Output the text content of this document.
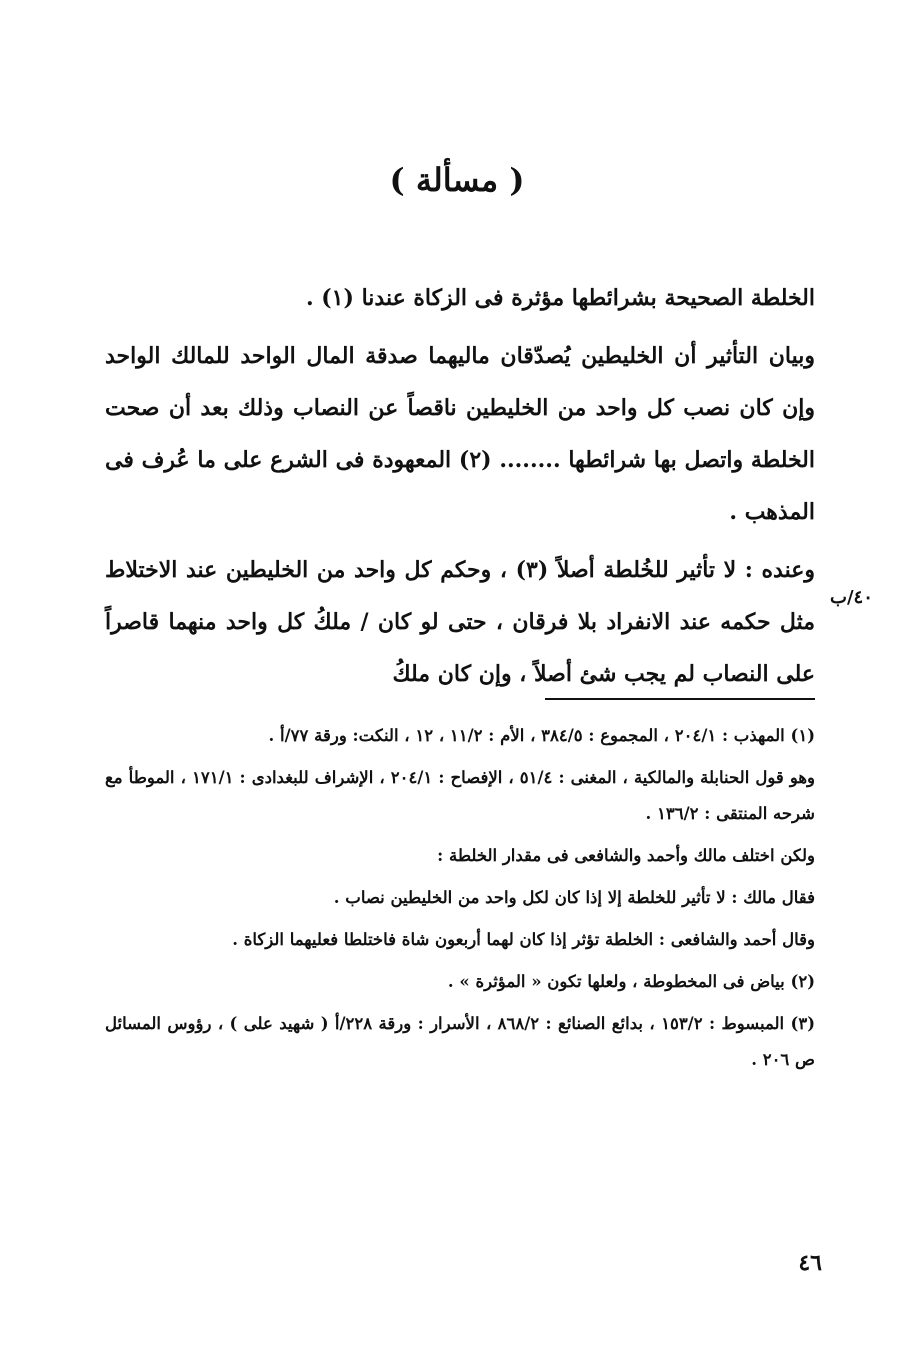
( مسألة )

الخلطة الصحيحة بشرائطها مؤثرة فى الزكاة عندنا (١) .

وبيان التأثير أن الخليطين يُصدّقان ماليهما صدقة المال الواحد للمالك الواحد وإن كان نصب كل واحد من الخليطين ناقصاً عن النصاب وذلك بعد أن صحت الخلطة واتصل بها شرائطها ........ (٢) المعهودة فى الشرع على ما عُرف فى المذهب .

وعنده : لا تأثير للخُلطة أصلاً (٣) ، وحكم كل واحد من الخليطين عند الاختلاط مثل حكمه عند الانفراد بلا فرقان ، حتى لو كان / ملكُ كل واحد منهما قاصراً على النصاب لم يجب شئ أصلاً ، وإن كان ملكُ

٤٠/ب

(١) المهذب : ٢٠٤/١ ، المجموع : ٣٨٤/٥ ، الأم : ١١/٢ ، ١٢ ، النكت: ورقة ٧٧/أ .

وهو قول الحنابلة والمالكية ، المغنى : ٥١/٤ ، الإفصاح : ٢٠٤/١ ، الإشراف للبغدادى : ١٧١/١ ، الموطأ مع شرحه المنتقى : ١٣٦/٢ .

ولكن اختلف مالك وأحمد والشافعى فى مقدار الخلطة :

فقال مالك : لا تأثير للخلطة إلا إذا كان لكل واحد من الخليطين نصاب .

وقال أحمد والشافعى : الخلطة تؤثر إذا كان لهما أربعون شاة فاختلطا فعليهما الزكاة .

(٢) بياض فى المخطوطة ، ولعلها تكون « المؤثرة » .

(٣) المبسوط : ١٥٣/٢ ، بدائع الصنائع : ٨٦٨/٢ ، الأسرار : ورقة ٢٢٨/أ ( شهيد على ) ، رؤوس المسائل ص ٢٠٦ .

٤٦
